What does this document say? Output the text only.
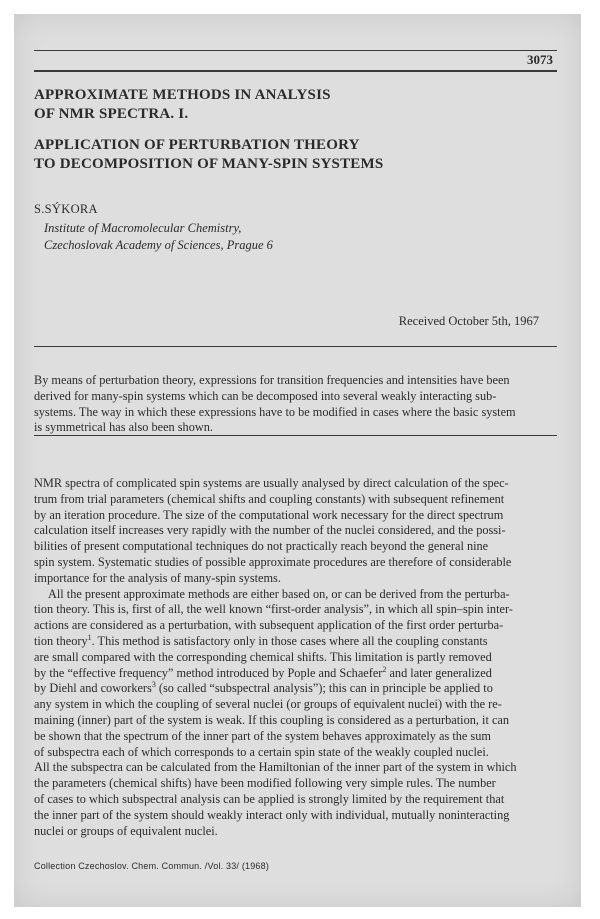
3073
APPROXIMATE METHODS IN ANALYSIS
OF NMR SPECTRA. I.
APPLICATION OF PERTURBATION THEORY
TO DECOMPOSITION OF MANY-SPIN SYSTEMS
S.SÝKORA
Institute of Macromolecular Chemistry,
Czechoslovak Academy of Sciences, Prague 6
Received October 5th, 1967
By means of perturbation theory, expressions for transition frequencies and intensities have been
derived for many-spin systems which can be decomposed into several weakly interacting sub-
systems. The way in which these expressions have to be modified in cases where the basic system
is symmetrical has also been shown.
NMR spectra of complicated spin systems are usually analysed by direct calculation of the spec-
trum from trial parameters (chemical shifts and coupling constants) with subsequent refinement
by an iteration procedure. The size of the computational work necessary for the direct spectrum
calculation itself increases very rapidly with the number of the nuclei considered, and the possi-
bilities of present computational techniques do not practically reach beyond the general nine
spin system. Systematic studies of possible approximate procedures are therefore of considerable
importance for the analysis of many-spin systems.
All the present approximate methods are either based on, or can be derived from the perturba-
tion theory. This is, first of all, the well known “first-order analysis”, in which all spin–spin inter-
actions are considered as a perturbation, with subsequent application of the first order perturba-
tion theory$^1$. This method is satisfactory only in those cases where all the coupling constants
are small compared with the corresponding chemical shifts. This limitation is partly removed
by the “effective frequency” method introduced by Pople and Schaefer$^2$ and later generalized
by Diehl and coworkers$^3$ (so called “subspectral analysis”); this can in principle be applied to
any system in which the coupling of several nuclei (or groups of equivalent nuclei) with the re-
maining (inner) part of the system is weak. If this coupling is considered as a perturbation, it can
be shown that the spectrum of the inner part of the system behaves approximately as the sum
of subspectra each of which corresponds to a certain spin state of the weakly coupled nuclei.
All the subspectra can be calculated from the Hamiltonian of the inner part of the system in which
the parameters (chemical shifts) have been modified following very simple rules. The number
of cases to which subspectral analysis can be applied is strongly limited by the requirement that
the inner part of the system should weakly interact only with individual, mutually noninteracting
nuclei or groups of equivalent nuclei.
Collection Czechoslov. Chem. Commun. /Vol. 33/ (1968)
